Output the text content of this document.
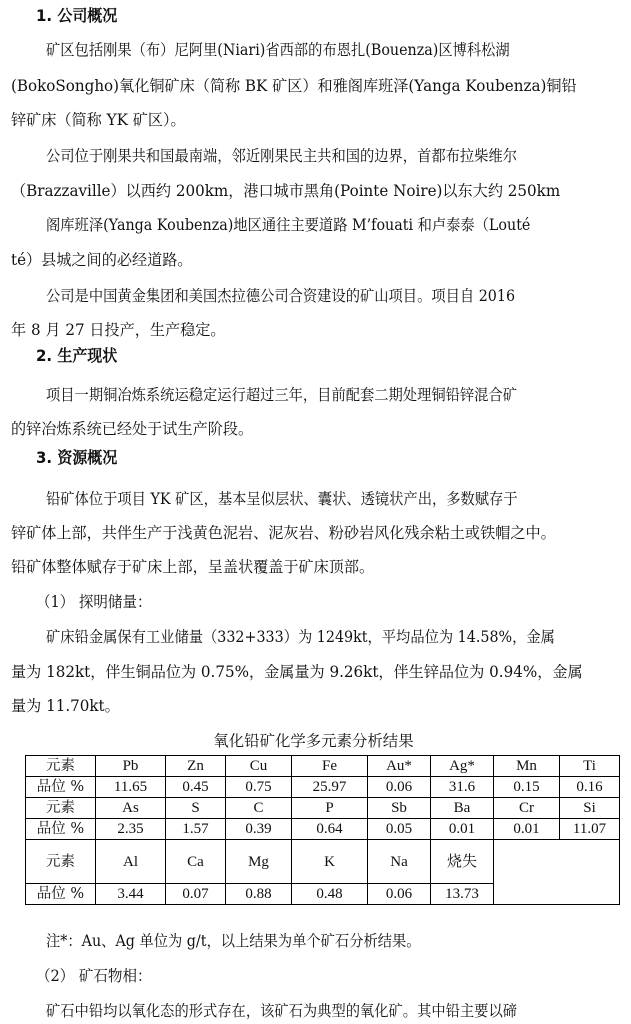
1. 公司概况
矿区包括刚果（布）尼阿里(Niari)省西部的布恩扎(Bouenza)区博科松湖
(BokoSongho)氧化铜矿床（简称 BK 矿区）和雅阁库班泽(Yanga Koubenza)铜铅
锌矿床（简称 YK 矿区）。
公司位于刚果共和国最南端，邻近刚果民主共和国的边界，首都布拉柴维尔
（Brazzaville）以西约 200km，港口城市黑角(Pointe Noire)以东大约 250km
阁库班泽(Yanga Koubenza)地区通往主要道路 M’fouati 和卢泰泰（Louté
té）县城之间的必经道路。
公司是中国黄金集团和美国杰拉德公司合资建设的矿山项目。项目自 2016
年 8 月 27 日投产，生产稳定。
2. 生产现状
项目一期铜冶炼系统运稳定运行超过三年，目前配套二期处理铜铅锌混合矿
的锌冶炼系统已经处于试生产阶段。
3. 资源概况
铅矿体位于项目 YK 矿区，基本呈似层状、囊状、透镜状产出，多数赋存于
锌矿体上部，共伴生产于浅黄色泥岩、泥灰岩、粉砂岩风化残余粘土或铁帽之中。
铅矿体整体赋存于矿床上部，呈盖状覆盖于矿床顶部。
（1） 探明储量：
矿床铅金属保有工业储量（332+333）为 1249kt，平均品位为 14.58%，金属
量为 182kt，伴生铜品位为 0.75%，金属量为 9.26kt，伴生锌品位为 0.94%，金属
量为 11.70kt。
氧化铅矿化学多元素分析结果
元素	Pb	Zn	Cu	Fe	Au*	Ag*	Mn	Ti
品位 %	11.65	0.45	0.75	25.97	0.06	31.6	0.15	0.16
元素	As	S	C	P	Sb	Ba	Cr	Si
品位 %	2.35	1.57	0.39	0.64	0.05	0.01	0.01	11.07
元素	Al	Ca	Mg	K	Na	烧失		
品位 %	3.44	0.07	0.88	0.48	0.06	13.73		
注*：Au、Ag 单位为 g/t，以上结果为单个矿石分析结果。
（2） 矿石物相：
矿石中铅均以氧化态的形式存在，该矿石为典型的氧化矿。其中铅主要以碲
